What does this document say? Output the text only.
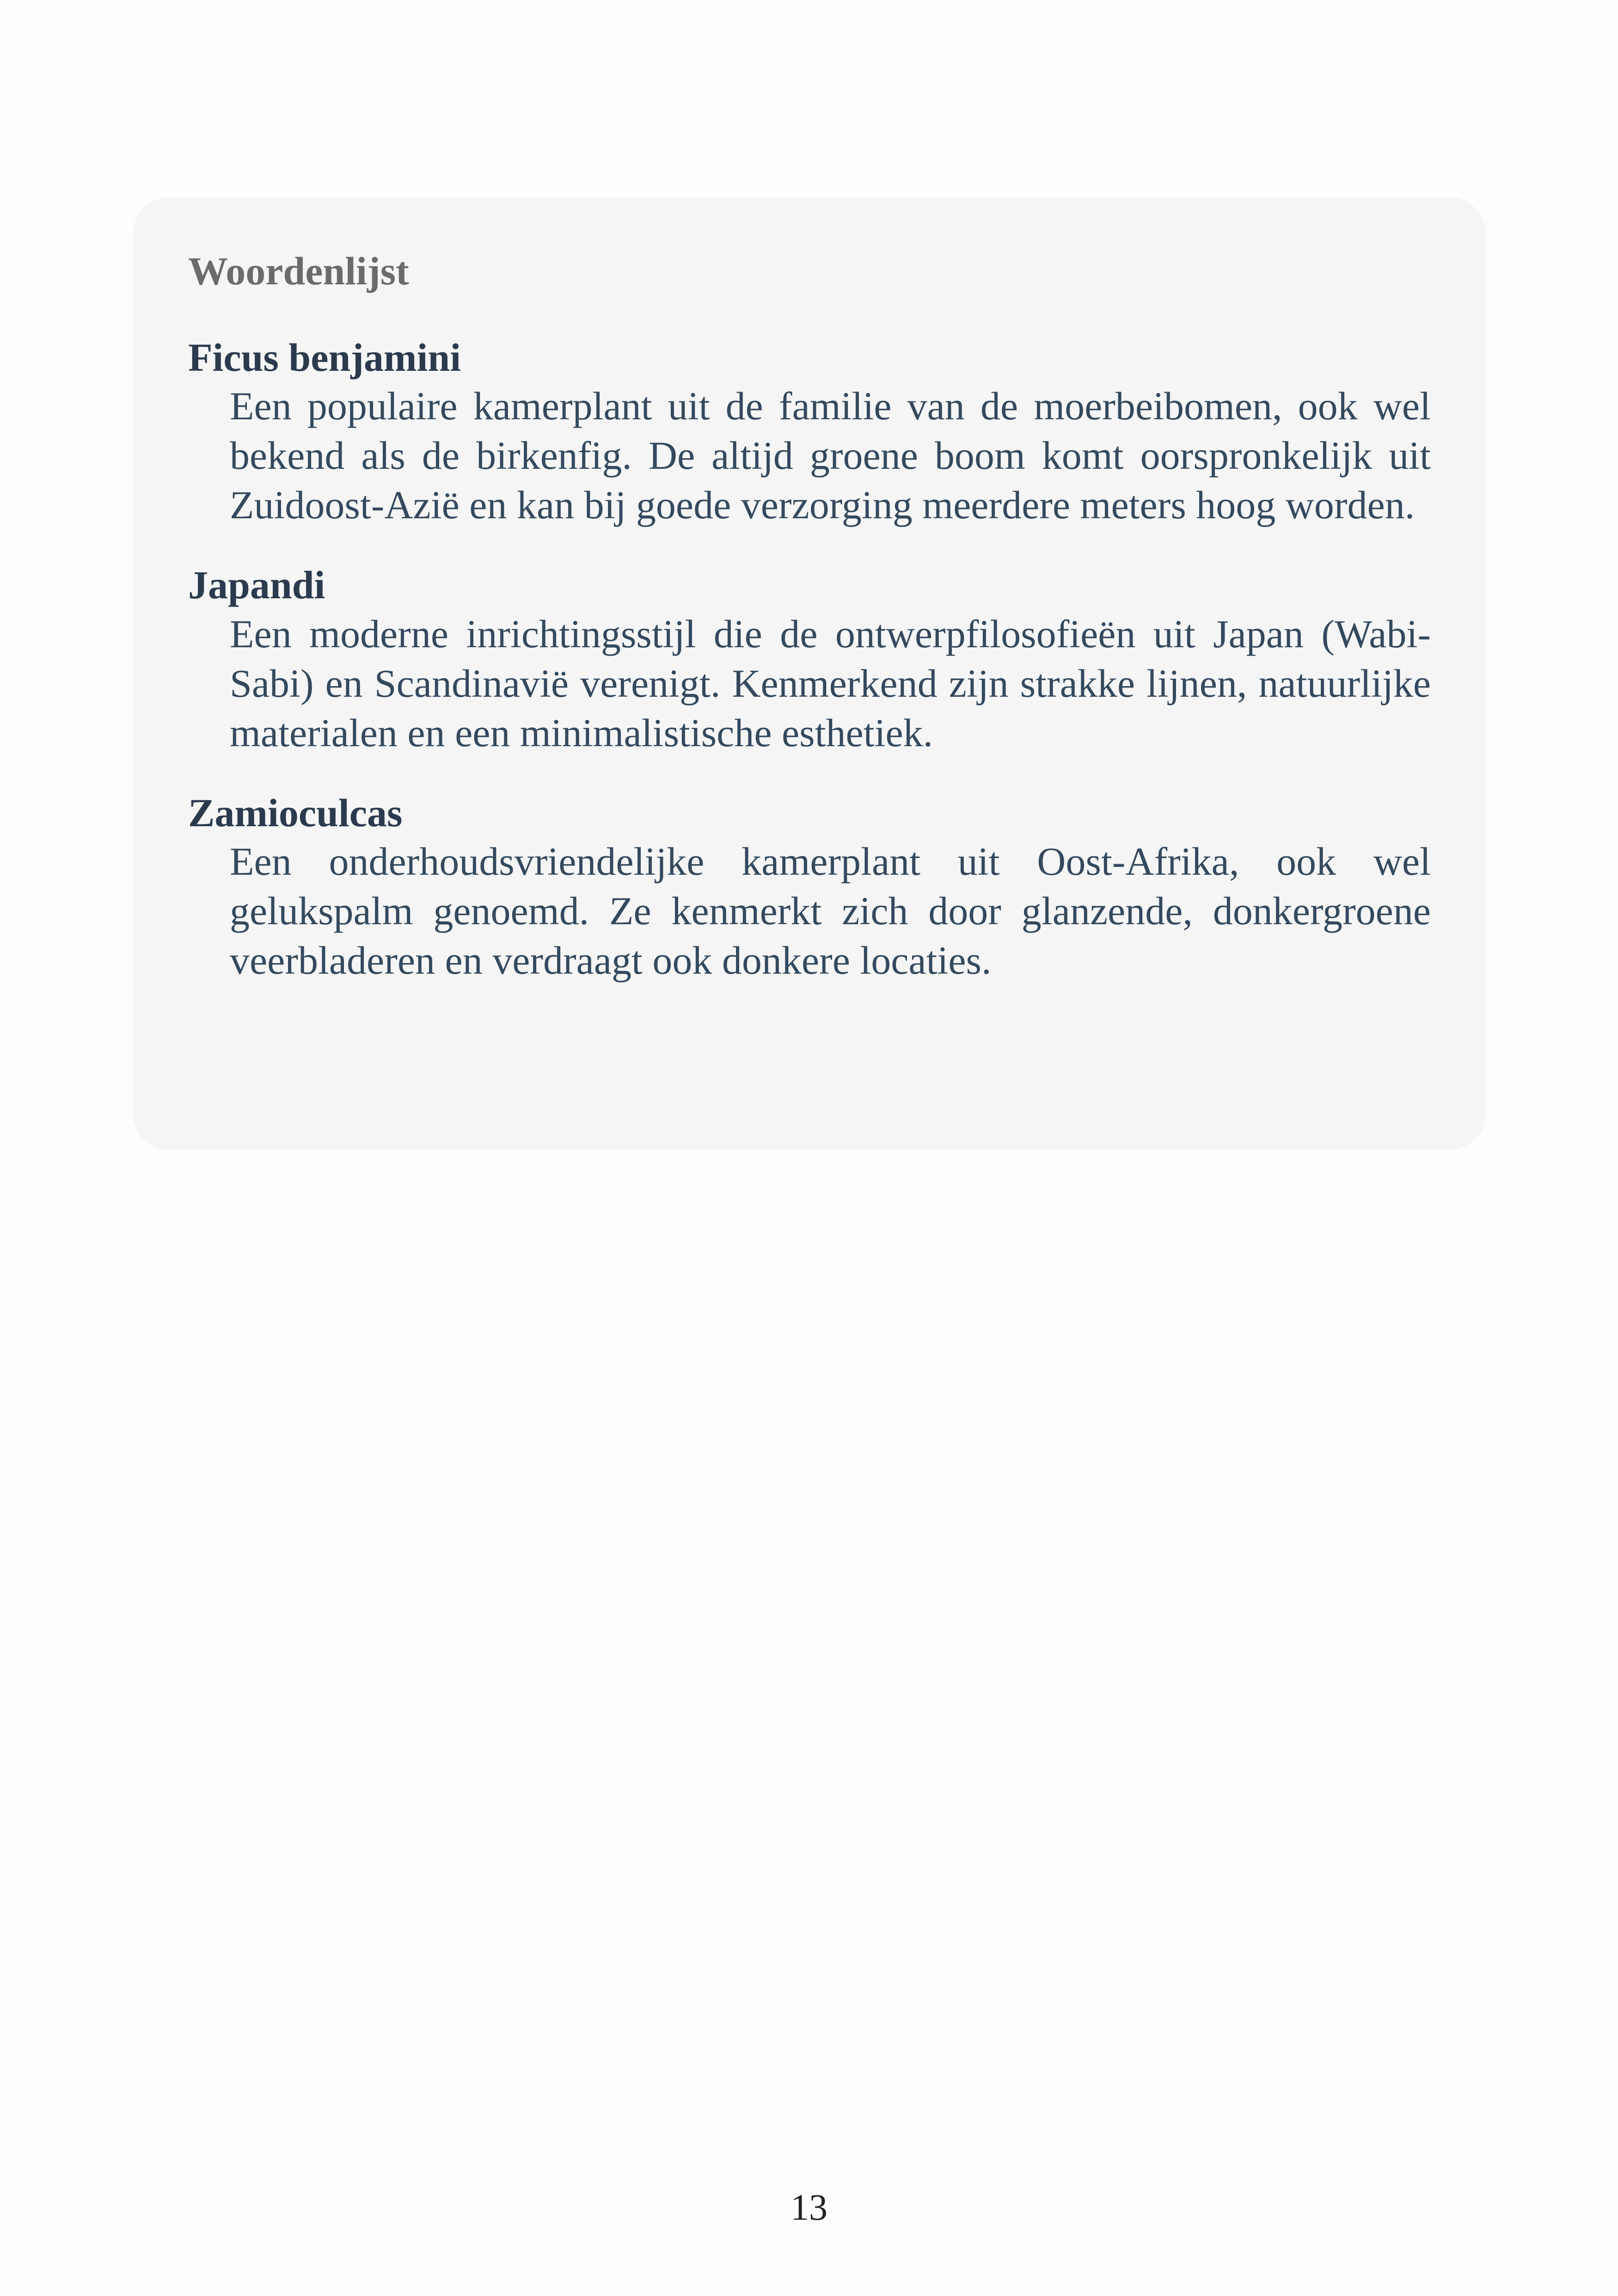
Woordenlijst
Ficus benjamini
Een populaire kamerplant uit de familie van de moerbeibomen, ook wel bekend als de birkenfig. De altijd groene boom komt oorspronkelijk uit Zuidoost-Azië en kan bij goede verzorging meerdere meters hoog worden.
Japandi
Een moderne inrichtingsstijl die de ontwerpfilosofieën uit Japan (Wabi-Sabi) en Scandinavië verenigt. Kenmerkend zijn strakke lijnen, natuurlijke materialen en een minimalistische esthetiek.
Zamioculcas
Een onderhoudsvriendelijke kamerplant uit Oost-Afrika, ook wel gelukspalm genoemd. Ze kenmerkt zich door glanzende, donkergroene veerbladeren en verdraagt ook donkere locaties.
13
